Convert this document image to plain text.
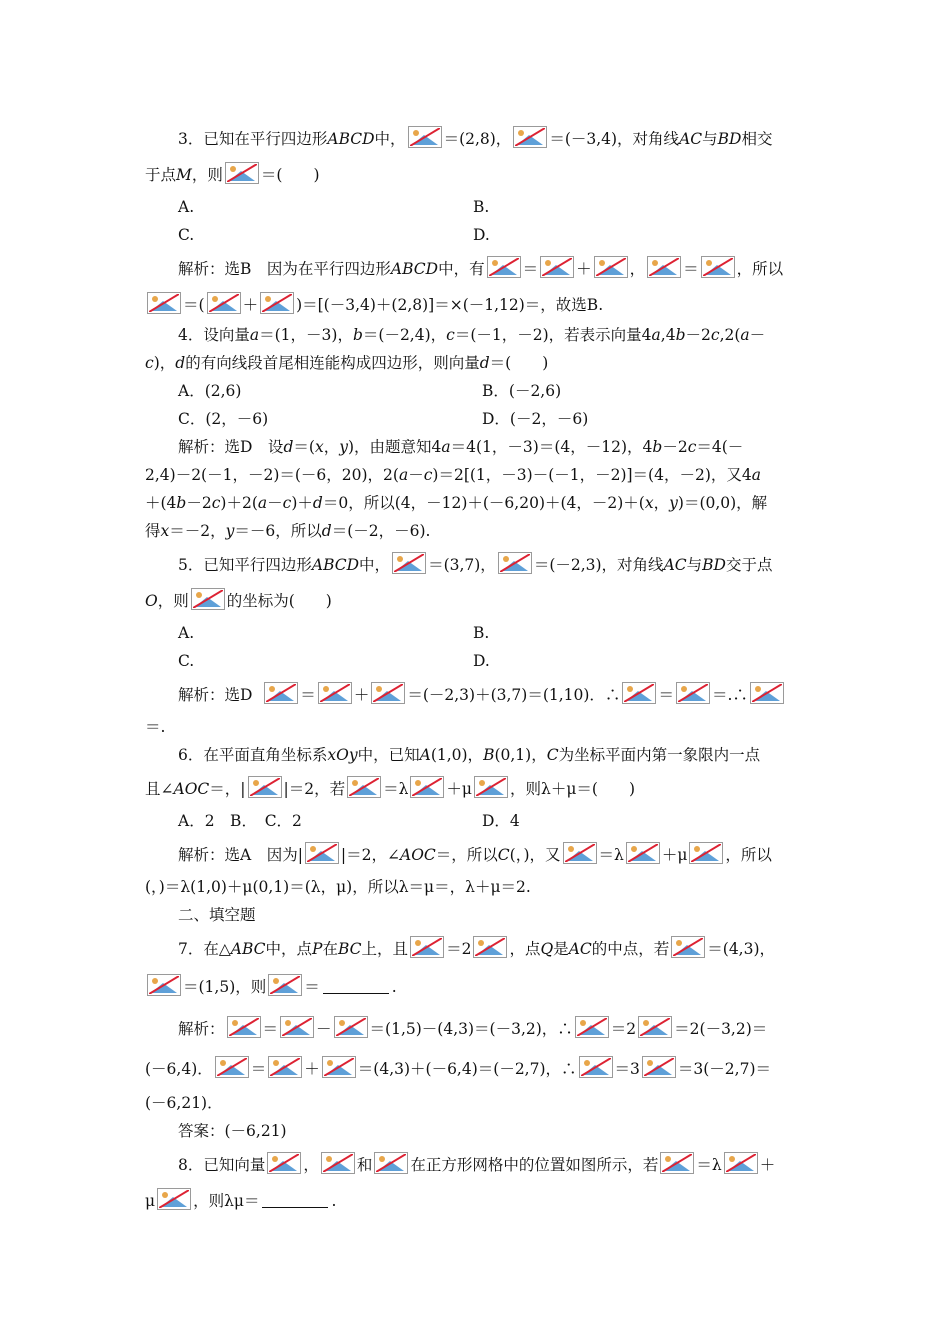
3．已知在平行四边形ABCD中， ＝(2,8)， ＝(－3,4)，对角线AC与BD相交
于点M，则 ＝(　　)
A.	B.
C.	D.
解析：选B　因为在平行四边形ABCD中，有 ＝ ＋ ， ＝ ，所以
＝( ＋ )＝[(－3,4)＋(2,8)]＝×(－1,12)＝，故选B.
4．设向量a＝(1，－3)，b＝(－2,4)，c＝(－1，－2)，若表示向量4a,4b－2c,2(a－
c)，d的有向线段首尾相连能构成四边形，则向量d＝(　　)
A．(2,6)	B．(－2,6)
C．(2，－6)	D．(－2，－6)
解析：选D　设d＝(x，y)，由题意知4a＝4(1，－3)＝(4，－12)，4b－2c＝4(－
2,4)－2(－1，－2)＝(－6，20)，2(a－c)＝2[(1，－3)－(－1，－2)]＝(4，－2)，又4a
＋(4b－2c)＋2(a－c)＋d＝0，所以(4，－12)＋(－6,20)＋(4，－2)＋(x，y)＝(0,0)，解
得x＝－2，y＝－6，所以d＝(－2，－6).
5．已知平行四边形ABCD中， ＝(3,7)， ＝(－2,3)，对角线AC与BD交于点
O，则 的坐标为(　　)
A.	B.
C.	D.
解析：选D	＝ ＋ ＝(－2,3)＋(3,7)＝(1,10)．∴ ＝ ＝.∴
＝.
6．在平面直角坐标系xOy中，已知A(1,0)，B(0,1)，C为坐标平面内第一象限内一点
且∠AOC＝，| |＝2，若 ＝λ ＋μ ，则λ＋μ＝(　　)
A．2　B．　C．2	D．4
解析：选A　因为| |＝2，∠AOC＝，所以C(，)，又 ＝λ ＋μ ，所以
(，)＝λ(1,0)＋μ(0,1)＝(λ，μ)，所以λ＝μ＝，λ＋μ＝2.
二、填空题
7．在△ABC中，点P在BC上，且 ＝2 ，点Q是AC的中点，若 ＝(4,3)，
＝(1,5)，则 ＝	.
解析： ＝ － ＝(1,5)－(4,3)＝(－3,2)，∴ ＝2 ＝2(－3,2)＝
(－6,4)． ＝ ＋ ＝(4,3)＋(－6,4)＝(－2,7)，∴ ＝3 ＝3(－2,7)＝
(－6,21)．
答案：(－6,21)
8．已知向量 ， 和 在正方形网格中的位置如图所示，若 ＝λ ＋
μ ，则λμ＝	.
